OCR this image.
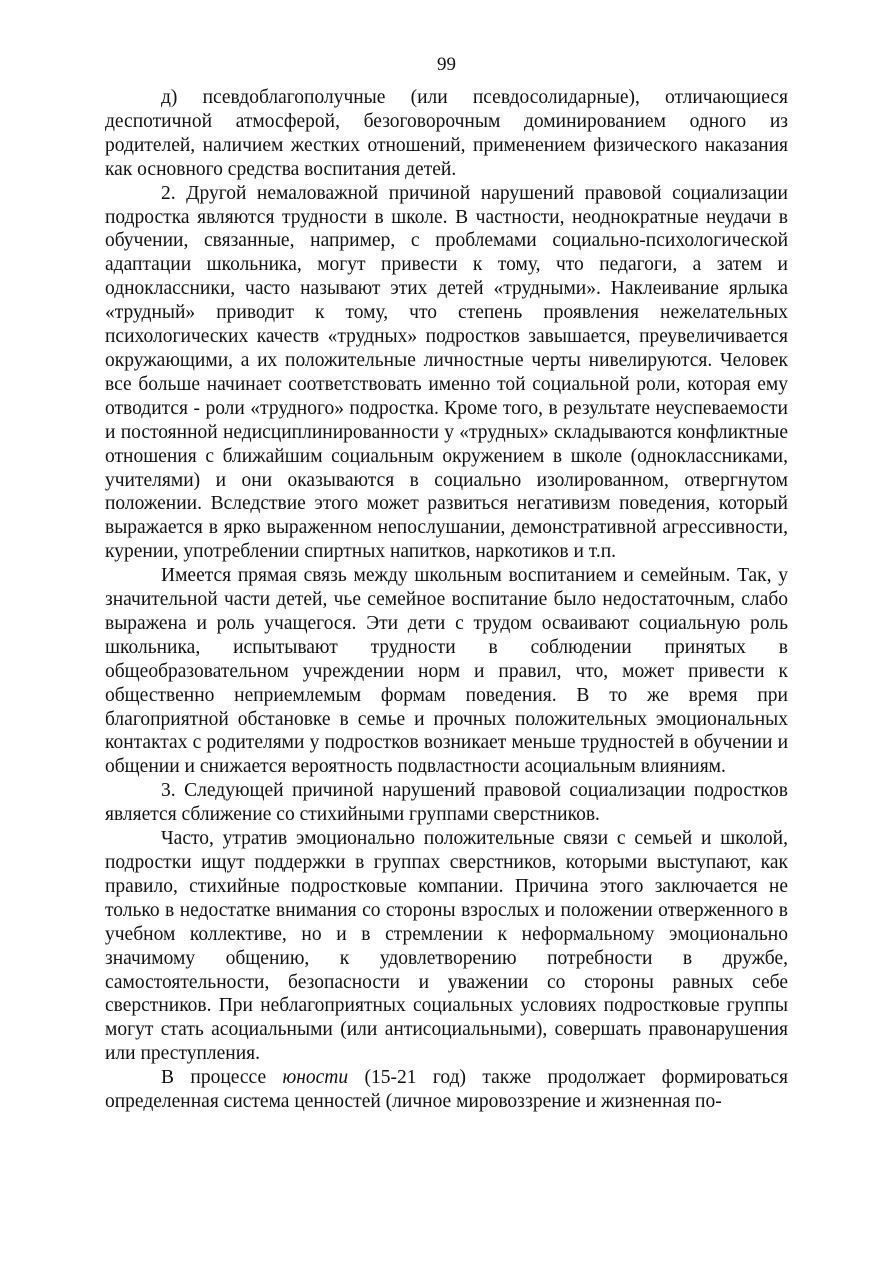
99

д) псевдоблагополучные (или псевдосолидарные), отличающиеся деспотичной атмосферой, безоговорочным доминированием одного из родителей, наличием жестких отношений, применением физического наказания как основного средства воспитания детей.

2. Другой немаловажной причиной нарушений правовой социализации подростка являются трудности в школе. В частности, неоднократные неудачи в обучении, связанные, например, с проблемами социально-психологической адаптации школьника, могут привести к тому, что педагоги, а затем и одноклассники, часто называют этих детей «трудными». Наклеивание ярлыка «трудный» приводит к тому, что степень проявления нежелательных психологических качеств «трудных» подростков завышается, преувеличивается окружающими, а их положительные личностные черты нивелируются. Человек все больше начинает соответствовать именно той социальной роли, которая ему отводится - роли «трудного» подростка. Кроме того, в результате неуспеваемости и постоянной недисциплинированности у «трудных» складываются конфликтные отношения с ближайшим социальным окружением в школе (одноклассниками, учителями) и они оказываются в социально изолированном, отвергнутом положении. Вследствие этого может развиться негативизм поведения, который выражается в ярко выраженном непослушании, демонстративной агрессивности, курении, употреблении спиртных напитков, наркотиков и т.п.

Имеется прямая связь между школьным воспитанием и семейным. Так, у значительной части детей, чье семейное воспитание было недостаточным, слабо выражена и роль учащегося. Эти дети с трудом осваивают социальную роль школьника, испытывают трудности в соблюдении принятых в общеобразовательном учреждении норм и правил, что, может привести к общественно неприемлемым формам поведения. В то же время при благоприятной обстановке в семье и прочных положительных эмоциональных контактах с родителями у подростков возникает меньше трудностей в обучении и общении и снижается вероятность подвластности асоциальным влияниям.

3. Следующей причиной нарушений правовой социализации подростков является сближение со стихийными группами сверстников.

Часто, утратив эмоционально положительные связи с семьей и школой, подростки ищут поддержки в группах сверстников, которыми выступают, как правило, стихийные подростковые компании. Причина этого заключается не только в недостатке внимания со стороны взрослых и положении отверженного в учебном коллективе, но и в стремлении к неформальному эмоционально значимому общению, к удовлетворению потребности в дружбе, самостоятельности, безопасности и уважении со стороны равных себе сверстников. При неблагоприятных социальных условиях подростковые группы могут стать асоциальными (или антисоциальными), совершать правонарушения или преступления.

В процессе юности (15-21 год) также продолжает формироваться определенная система ценностей (личное мировоззрение и жизненная по-
